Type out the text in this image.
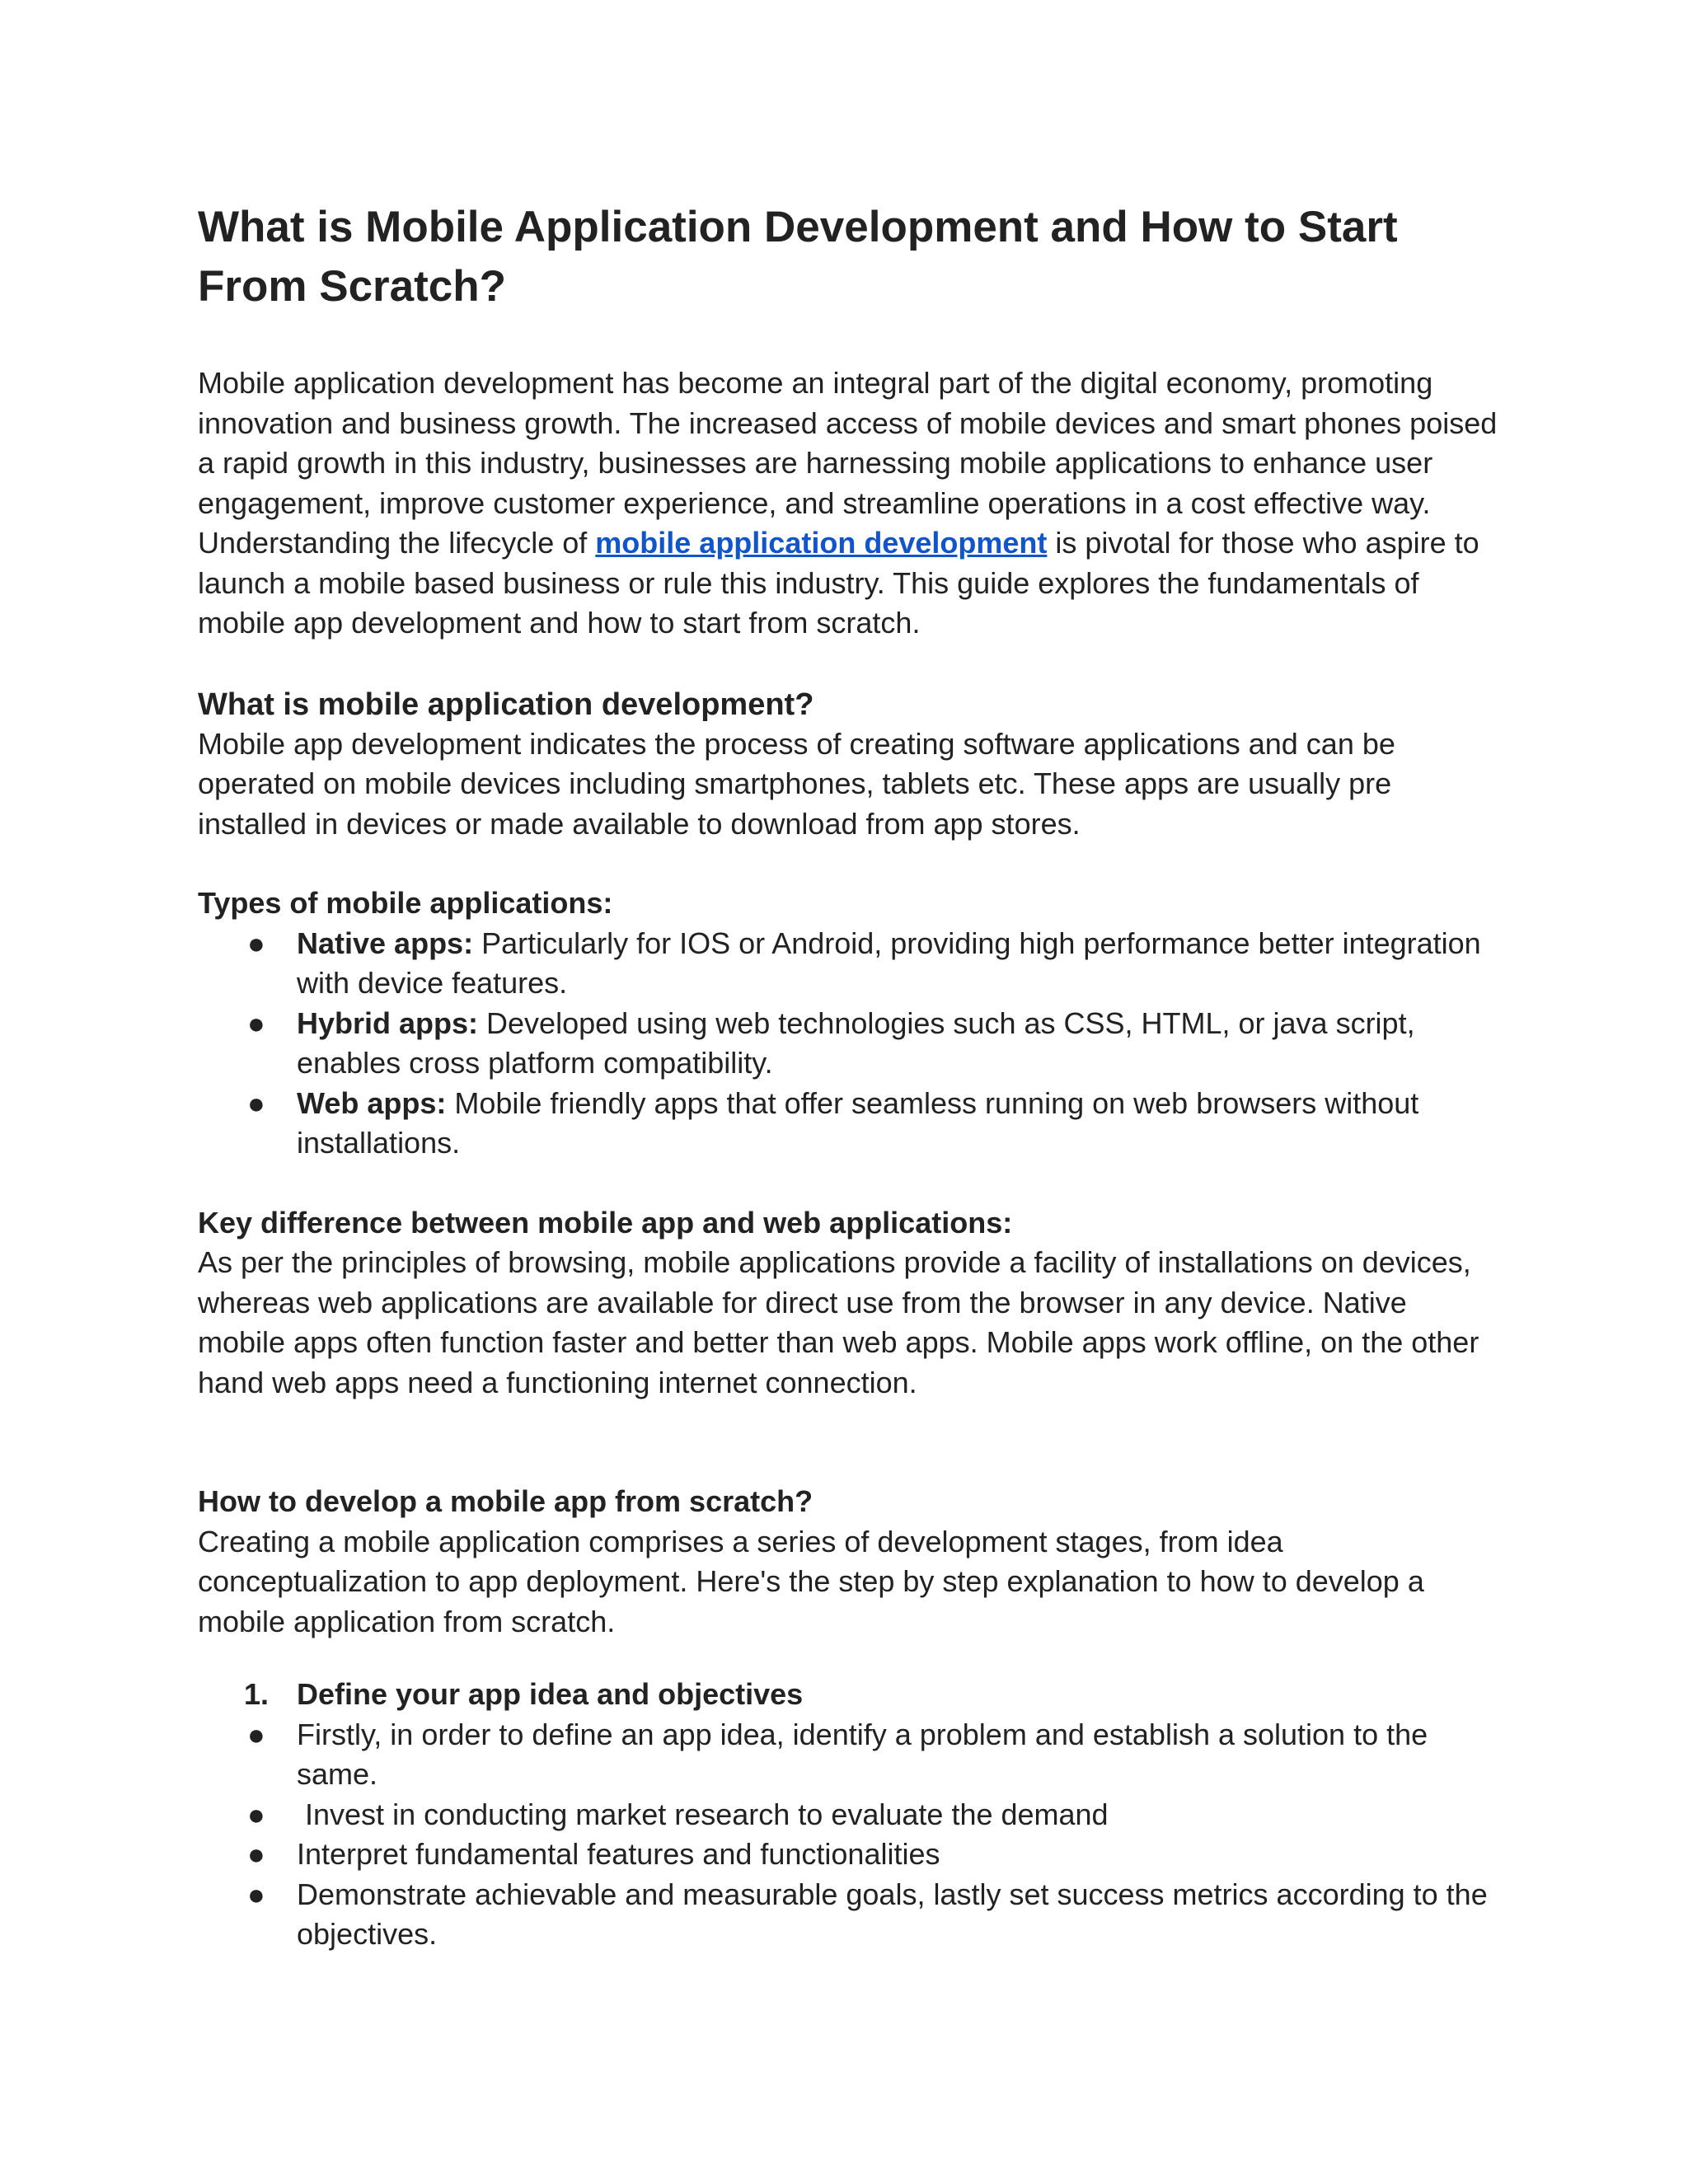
What is Mobile Application Development and How to Start From Scratch?

Mobile application development has become an integral part of the digital economy, promoting innovation and business growth. The increased access of mobile devices and smart phones poised a rapid growth in this industry, businesses are harnessing mobile applications to enhance user engagement, improve customer experience, and streamline operations in a cost effective way. Understanding the lifecycle of mobile application development is pivotal for those who aspire to launch a mobile based business or rule this industry. This guide explores the fundamentals of mobile app development and how to start from scratch.

What is mobile application development?

Mobile app development indicates the process of creating software applications and can be operated on mobile devices including smartphones, tablets etc. These apps are usually pre installed in devices or made available to download from app stores.

Types of mobile applications:

● Native apps: Particularly for IOS or Android, providing high performance better integration with device features.
● Hybrid apps: Developed using web technologies such as CSS, HTML, or java script, enables cross platform compatibility.
● Web apps: Mobile friendly apps that offer seamless running on web browsers without installations.

Key difference between mobile app and web applications:

As per the principles of browsing, mobile applications provide a facility of installations on devices, whereas web applications are available for direct use from the browser in any device. Native mobile apps often function faster and better than web apps. Mobile apps work offline, on the other hand web apps need a functioning internet connection.

How to develop a mobile app from scratch?

Creating a mobile application comprises a series of development stages, from idea conceptualization to app deployment. Here's the step by step explanation to how to develop a mobile application from scratch.

1. Define your app idea and objectives
● Firstly, in order to define an app idea, identify a problem and establish a solution to the same.
● Invest in conducting market research to evaluate the demand
● Interpret fundamental features and functionalities
● Demonstrate achievable and measurable goals, lastly set success metrics according to the objectives.
